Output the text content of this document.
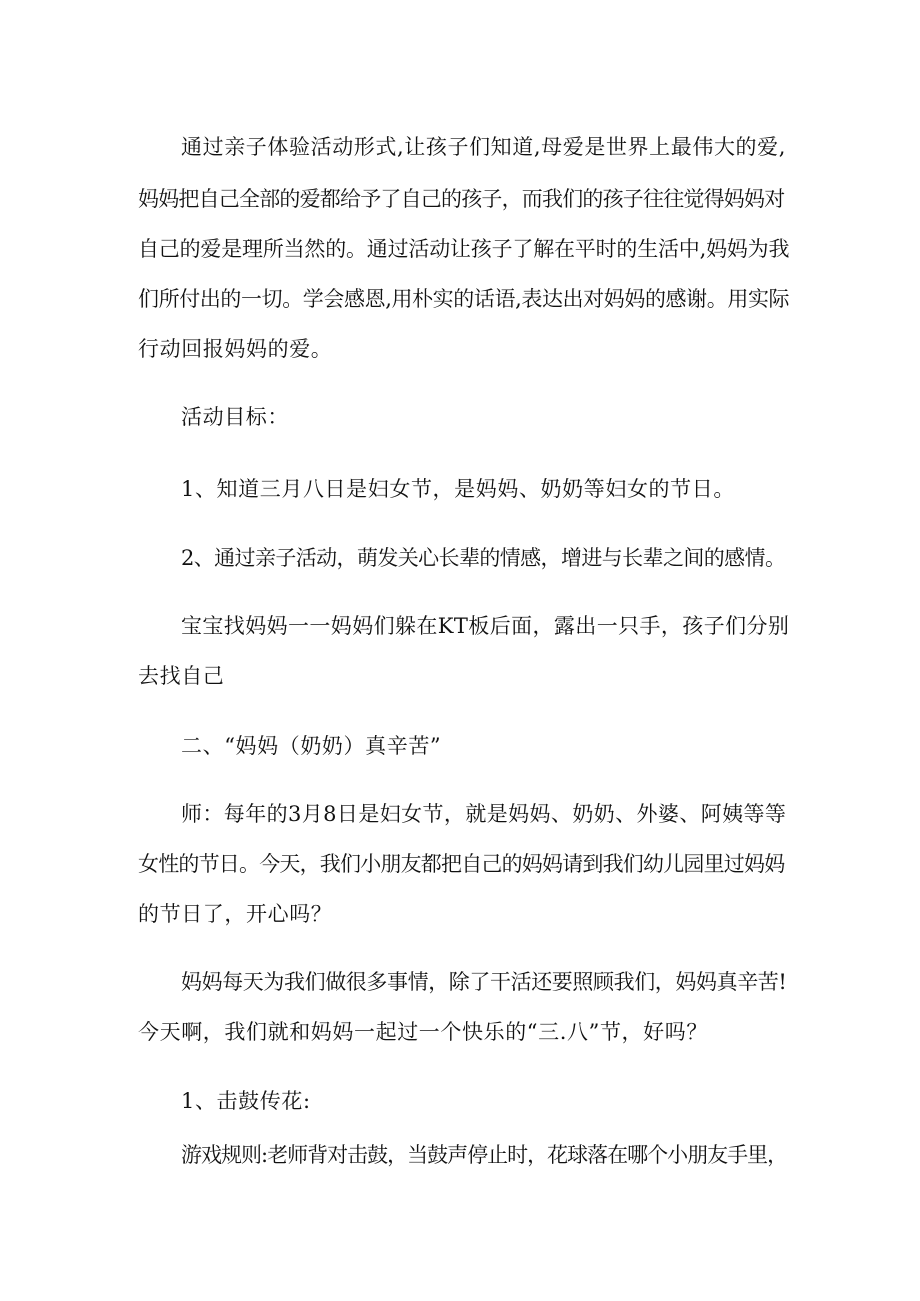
通过亲子体验活动形式,让孩子们知道,母爱是世界上最伟大的爱,
妈妈把自己全部的爱都给予了自己的孩子，而我们的孩子往往觉得妈妈对
自己的爱是理所当然的。通过活动让孩子了解在平时的生活中,妈妈为我
们所付出的一切。学会感恩,用朴实的话语,表达出对妈妈的感谢。用实际
行动回报妈妈的爱。
活动目标：
1、知道三月八日是妇女节，是妈妈、奶奶等妇女的节日。
2、通过亲子活动，萌发关心长辈的情感，增进与长辈之间的感情。
宝宝找妈妈一一妈妈们躲在KT板后面，露出一只手，孩子们分别
去找自己
二、“妈妈（奶奶）真辛苦”
师：每年的3月8日是妇女节，就是妈妈、奶奶、外婆、阿姨等等
女性的节日。今天，我们小朋友都把自己的妈妈请到我们幼儿园里过妈妈
的节日了，开心吗？
妈妈每天为我们做很多事情，除了干活还要照顾我们，妈妈真辛苦!
今天啊，我们就和妈妈一起过一个快乐的“三.八”节，好吗？
1、击鼓传花:
游戏规则:老师背对击鼓，当鼓声停止时，花球落在哪个小朋友手里，
